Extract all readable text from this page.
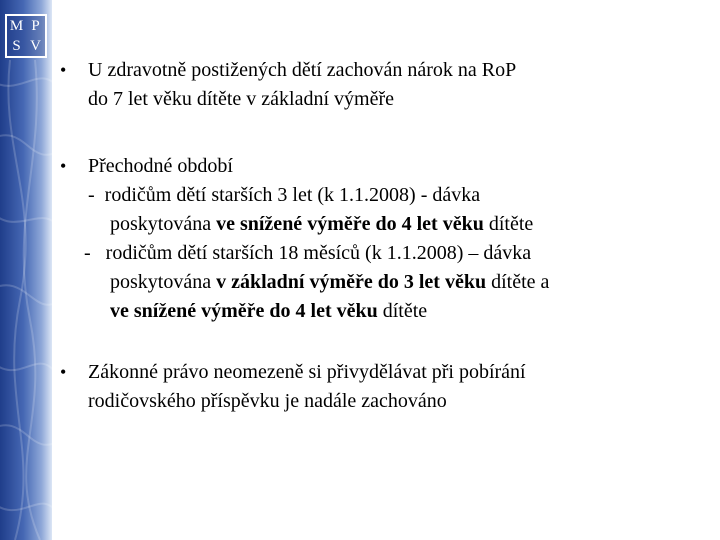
M P
S V
•	U zdravotně postižených dětí zachován nárok na RoP
do 7 let věku dítěte v základní výměře
•	Přechodné období
- rodičům dětí starších 3 let (k 1.1.2008) - dávka
poskytována ve snížené výměře do 4 let věku dítěte
- rodičům dětí starších 18 měsíců (k 1.1.2008) – dávka
poskytována v základní výměře do 3 let věku dítěte a
ve snížené výměře do 4 let věku dítěte
•	Zákonné právo neomezeně si přivydělávat při pobírání
rodičovského příspěvku je nadále zachováno
